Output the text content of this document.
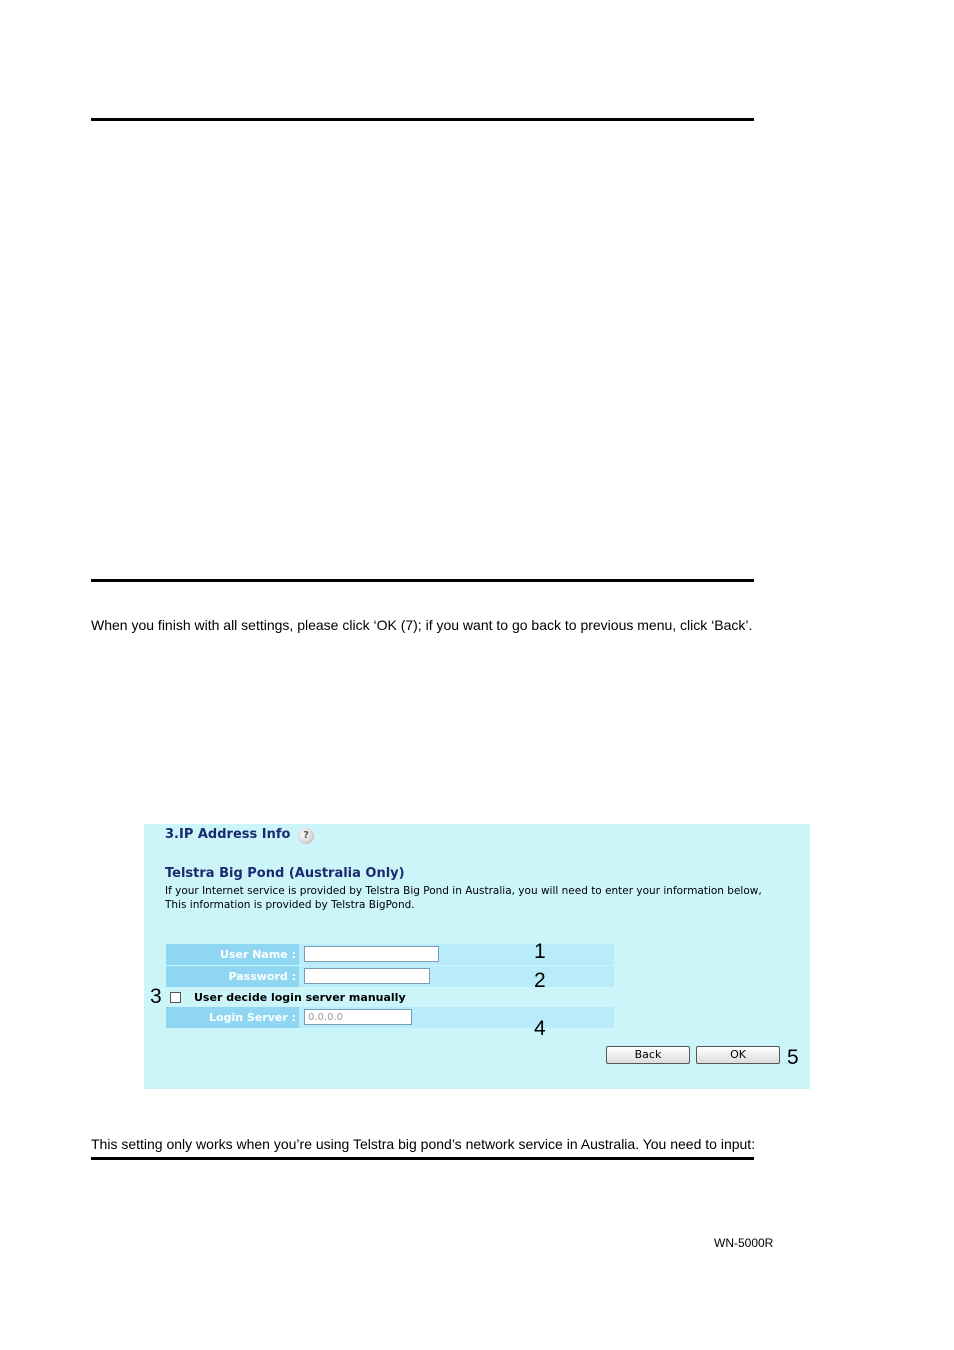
When you finish with all settings, please click ‘OK (7); if you want to go back to previous menu, click ‘Back’.
3.IP Address Info	?
Telstra Big Pond (Australia Only)
If your Internet service is provided by Telstra Big Pond in Australia, you will need to enter your information below, This information is provided by Telstra BigPond.
User Name :
Password :
User decide login server manually
Login Server :
0.0.0.0
Back	OK
1
2
3
4
5
This setting only works when you’re using Telstra big pond’s network service in Australia. You need to input:
WN-5000R
